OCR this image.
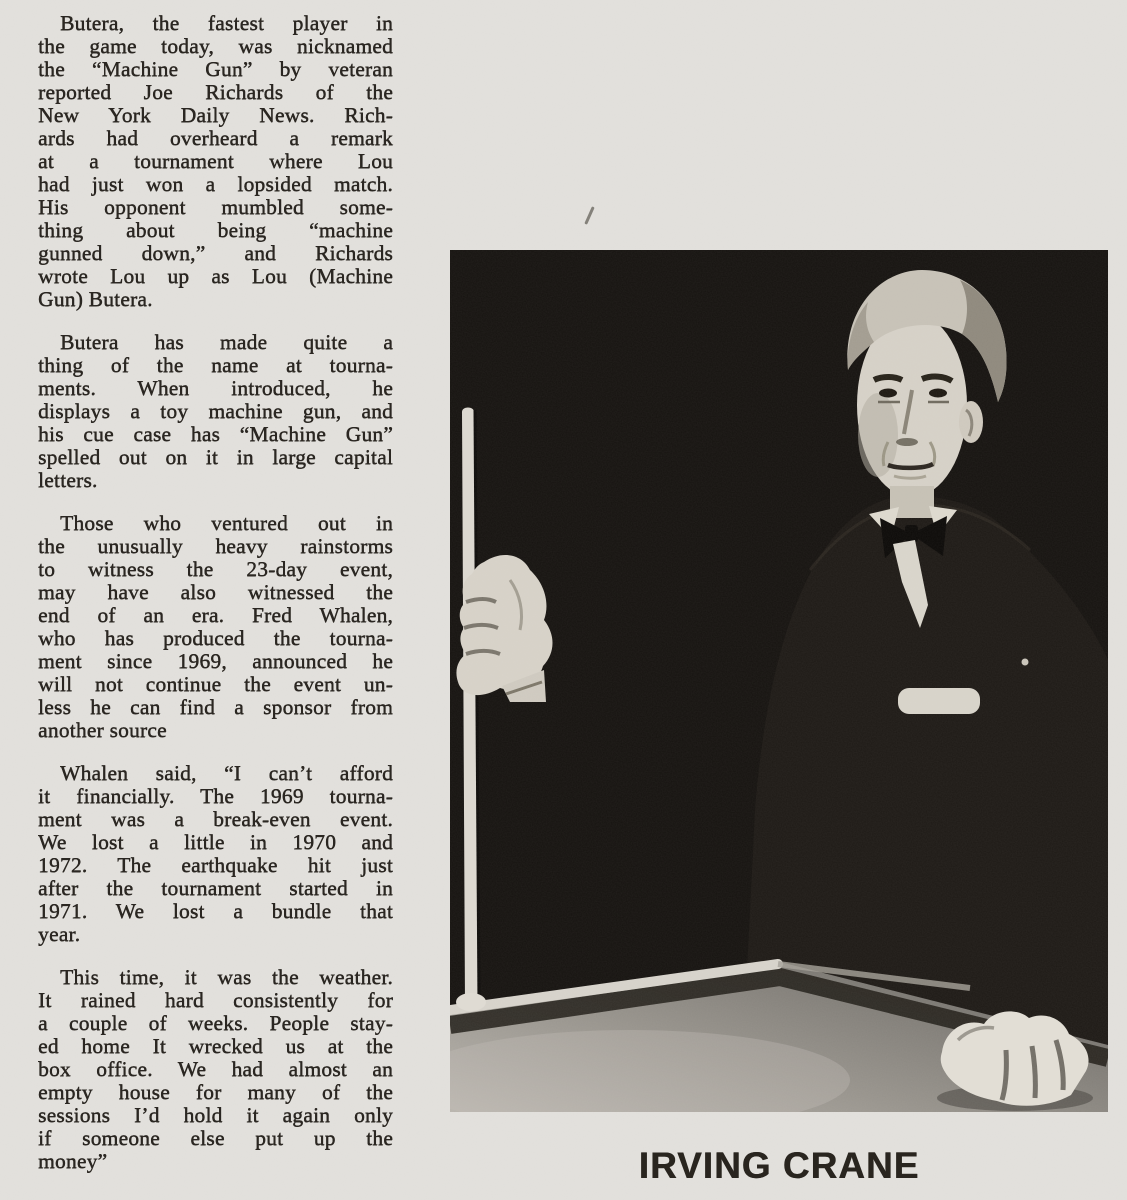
Butera, the fastest player in
the game today, was nicknamed
the “Machine Gun” by veteran
reported Joe Richards of the
New York Daily News. Rich-
ards had overheard a remark
at a tournament where Lou
had just won a lopsided match.
His opponent mumbled some-
thing about being “machine
gunned down,” and Richards
wrote Lou up as Lou (Machine
Gun) Butera.
Butera has made quite a
thing of the name at tourna-
ments. When introduced, he
displays a toy machine gun, and
his cue case has “Machine Gun”
spelled out on it in large capital
letters.
Those who ventured out in
the unusually heavy rainstorms
to witness the 23-day event,
may have also witnessed the
end of an era. Fred Whalen,
who has produced the tourna-
ment since 1969, announced he
will not continue the event un-
less he can find a sponsor from
another source
Whalen said, “I can’t afford
it financially. The 1969 tourna-
ment was a break-even event.
We lost a little in 1970 and
1972. The earthquake hit just
after the tournament started in
1971. We lost a bundle that
year.
This time, it was the weather.
It rained hard consistently for
a couple of weeks. People stay-
ed home It wrecked us at the
box office. We had almost an
empty house for many of the
sessions I’d hold it again only
if someone else put up the
money”	IRVING CRANE
